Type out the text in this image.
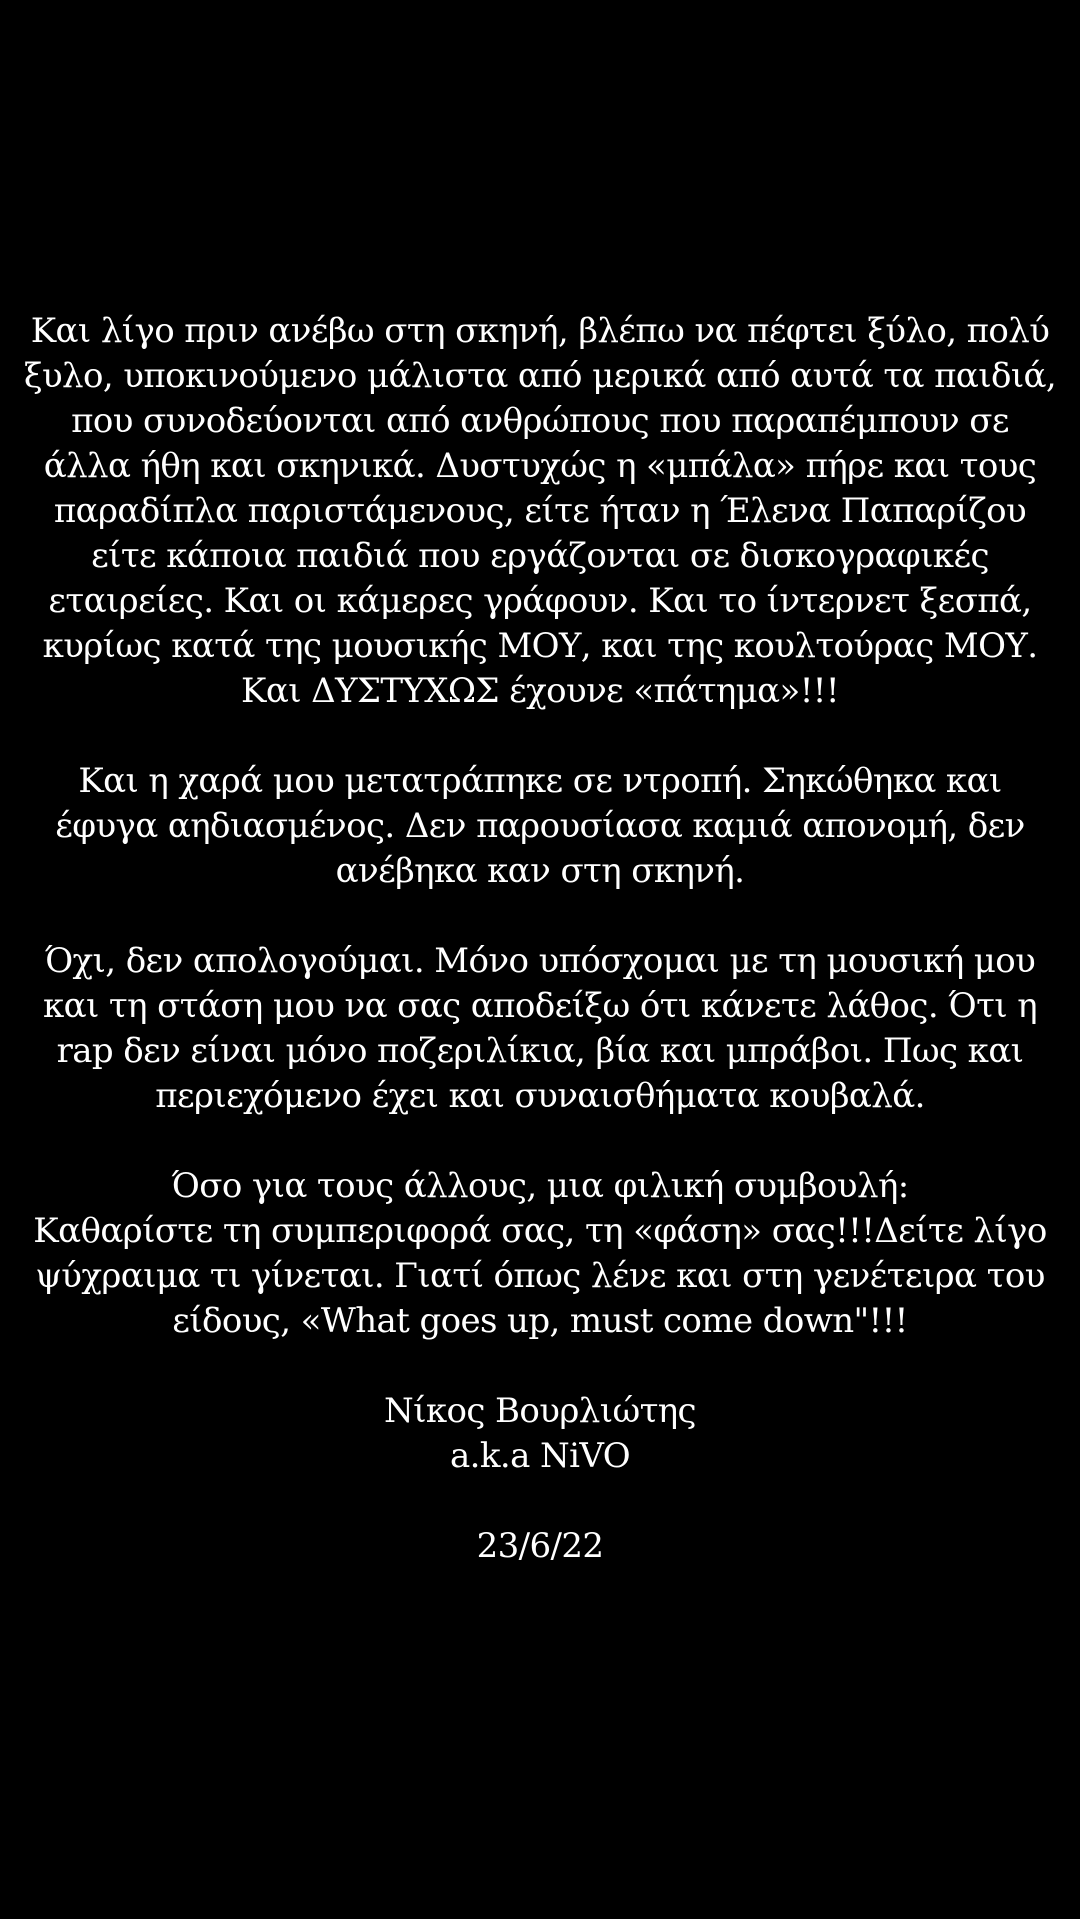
Και λίγο πριν ανέβω στη σκηνή, βλέπω να πέφτει ξύλο, πολύ
ξυλο, υποκινούμενο μάλιστα από μερικά από αυτά τα παιδιά,
που συνοδεύονται από ανθρώπους που παραπέμπουν σε
άλλα ήθη και σκηνικά. Δυστυχώς η «μπάλα» πήρε και τους
παραδίπλα παριστάμενους, είτε ήταν η Έλενα Παπαρίζου
είτε κάποια παιδιά που εργάζονται σε δισκογραφικές
εταιρείες. Και οι κάμερες γράφουν. Και το ίντερνετ ξεσπά,
κυρίως κατά της μουσικής ΜΟΥ, και της κουλτούρας ΜΟΥ.
Και ΔΥΣΤΥΧΩΣ έχουνε «πάτημα»!!!
Και η χαρά μου μετατράπηκε σε ντροπή. Σηκώθηκα και
έφυγα αηδιασμένος. Δεν παρουσίασα καμιά απονομή, δεν
ανέβηκα καν στη σκηνή.
Όχι, δεν απολογούμαι. Μόνο υπόσχομαι με τη μουσική μου
και τη στάση μου να σας αποδείξω ότι κάνετε λάθος. Ότι η
rap δεν είναι μόνο ποζεριλίκια, βία και μπράβοι. Πως και
περιεχόμενο έχει και συναισθήματα κουβαλά.
Όσο για τους άλλους, μια φιλική συμβουλή:
Καθαρίστε τη συμπεριφορά σας, τη «φάση» σας!!!Δείτε λίγο
ψύχραιμα τι γίνεται. Γιατί όπως λένε και στη γενέτειρα του
είδους, «What goes up, must come down"!!!
Νίκος Βουρλιώτης
a.k.a NiVO
23/6/22
